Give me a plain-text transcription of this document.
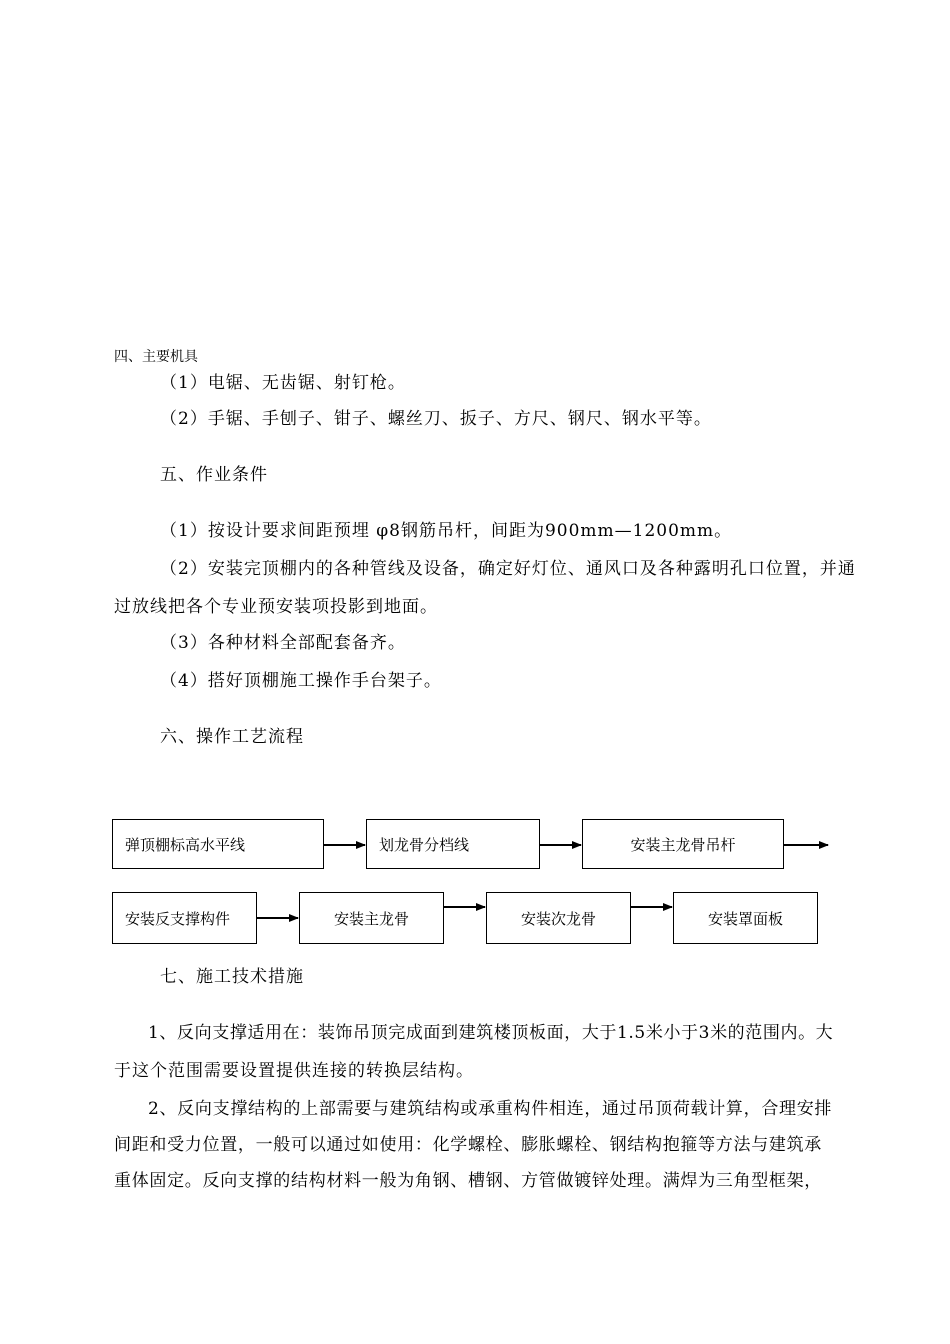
四、主要机具
（1）电锯、无齿锯、射钉枪。
（2）手锯、手刨子、钳子、螺丝刀、扳子、方尺、钢尺、钢水平等。
五、作业条件
（1）按设计要求间距预埋 φ8钢筋吊杆，间距为900mm—1200mm。
（2）安装完顶棚内的各种管线及设备，确定好灯位、通风口及各种露明孔口位置，并通
过放线把各个专业预安装项投影到地面。
（3）各种材料全部配套备齐。
（4）搭好顶棚施工操作手台架子。
六、操作工艺流程
弹顶棚标高水平线	划龙骨分档线	安装主龙骨吊杆
安装反支撑构件	安装主龙骨	安装次龙骨	安装罩面板
七、施工技术措施
1、反向支撑适用在：装饰吊顶完成面到建筑楼顶板面，大于1.5米小于3米的范围内。大
于这个范围需要设置提供连接的转换层结构。
2、反向支撑结构的上部需要与建筑结构或承重构件相连，通过吊顶荷载计算，合理安排
间距和受力位置，一般可以通过如使用：化学螺栓、膨胀螺栓、钢结构抱箍等方法与建筑承
重体固定。反向支撑的结构材料一般为角钢、槽钢、方管做镀锌处理。满焊为三角型框架，
